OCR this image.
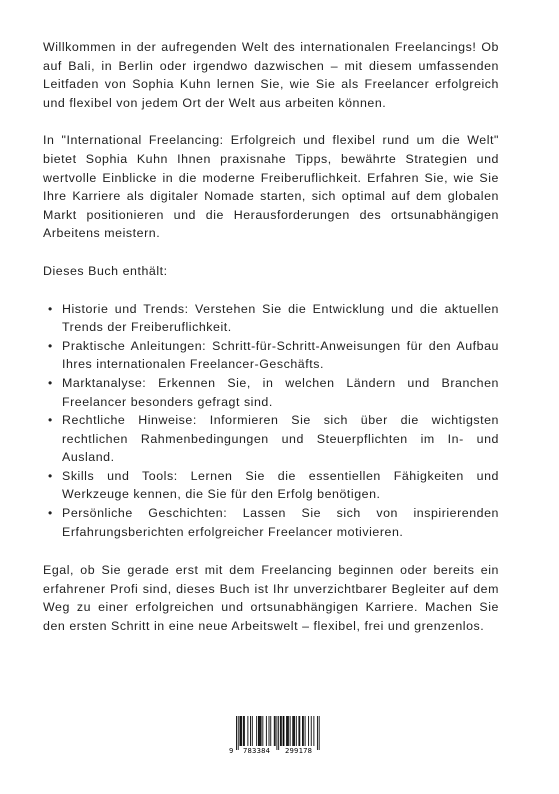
Willkommen in der aufregenden Welt des internationalen Freelancings! Ob auf Bali, in Berlin oder irgendwo dazwischen – mit diesem umfassenden Leitfaden von Sophia Kuhn lernen Sie, wie Sie als Freelancer erfolgreich und flexibel von jedem Ort der Welt aus arbeiten können.

In "International Freelancing: Erfolgreich und flexibel rund um die Welt" bietet Sophia Kuhn Ihnen praxisnahe Tipps, bewährte Strategien und wertvolle Einblicke in die moderne Freiberuflichkeit. Erfahren Sie, wie Sie Ihre Karriere als digitaler Nomade starten, sich optimal auf dem globalen Markt positionieren und die Herausforderungen des ortsunabhängigen Arbeitens meistern.

Dieses Buch enthält:

• Historie und Trends: Verstehen Sie die Entwicklung und die aktuellen Trends der Freiberuflichkeit.
• Praktische Anleitungen: Schritt-für-Schritt-Anweisungen für den Aufbau Ihres internationalen Freelancer-Geschäfts.
• Marktanalyse: Erkennen Sie, in welchen Ländern und Branchen Freelancer besonders gefragt sind.
• Rechtliche Hinweise: Informieren Sie sich über die wichtigsten rechtlichen Rahmenbedingungen und Steuerpflichten im In- und Ausland.
• Skills und Tools: Lernen Sie die essentiellen Fähigkeiten und Werkzeuge kennen, die Sie für den Erfolg benötigen.
• Persönliche Geschichten: Lassen Sie sich von inspirierenden Erfahrungsberichten erfolgreicher Freelancer motivieren.

Egal, ob Sie gerade erst mit dem Freelancing beginnen oder bereits ein erfahrener Profi sind, dieses Buch ist Ihr unverzichtbarer Begleiter auf dem Weg zu einer erfolgreichen und ortsunabhängigen Karriere. Machen Sie den ersten Schritt in eine neue Arbeitswelt – flexibel, frei und grenzenlos.

9 783384 299178
